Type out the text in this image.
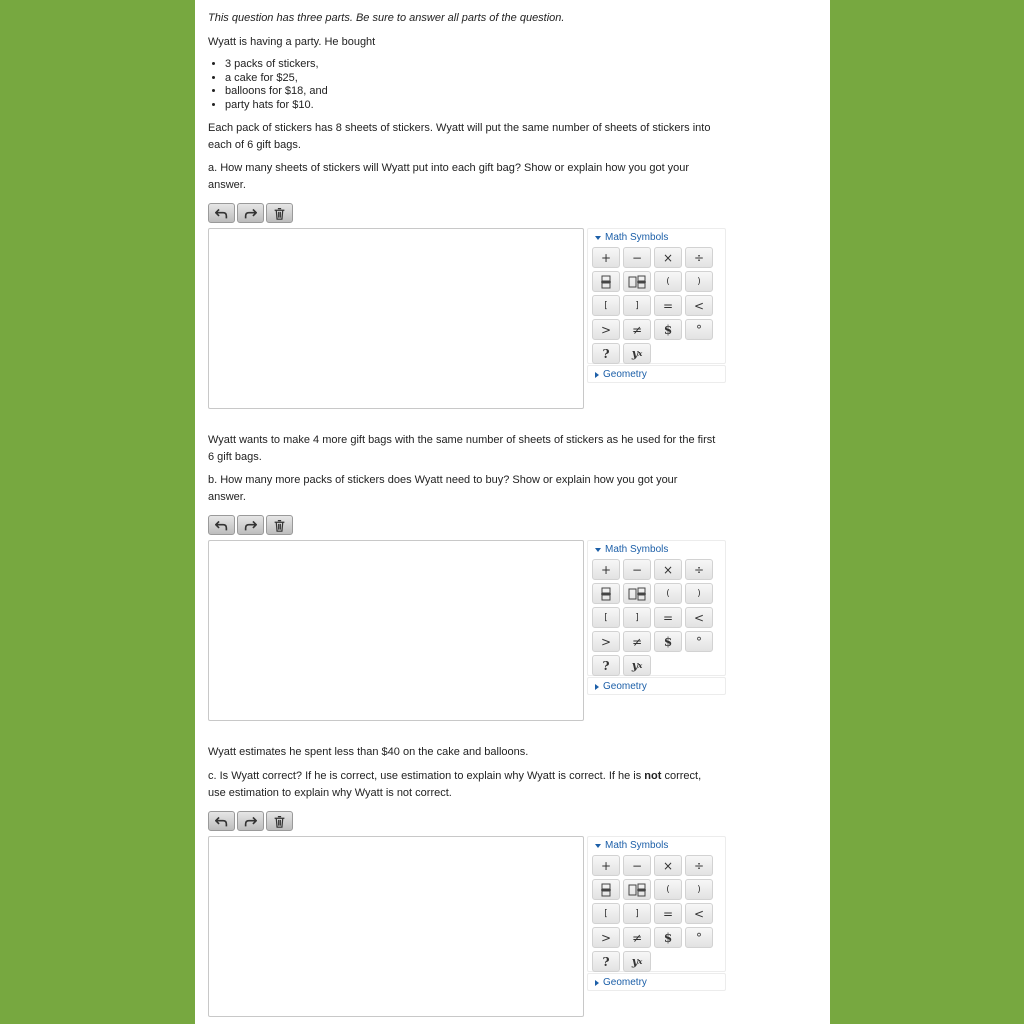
This question has three parts. Be sure to answer all parts of the question.
Wyatt is having a party. He bought
• 3 packs of stickers,
• a cake for $25,
• balloons for $18, and
• party hats for $10.
Each pack of stickers has 8 sheets of stickers. Wyatt will put the same number of sheets of stickers into
each of 6 gift bags.
a. How many sheets of stickers will Wyatt put into each gift bag? Show or explain how you got your
answer.
Math Symbols
+	−	×	÷
(	)
[	]	=	<
>	≠	$	°
?	y x
Geometry
Wyatt wants to make 4 more gift bags with the same number of sheets of stickers as he used for the first
6 gift bags.
b. How many more packs of stickers does Wyatt need to buy? Show or explain how you got your
answer.
Math Symbols
+	−	×	÷
(	)
[	]	=	<
>	≠	$	°
?	y x
Geometry
Wyatt estimates he spent less than $40 on the cake and balloons.
c. Is Wyatt correct? If he is correct, use estimation to explain why Wyatt is correct. If he is not correct,
use estimation to explain why Wyatt is not correct.
Math Symbols
+	−	×	÷
(	)
[	]	=	<
>	≠	$	°
?	y x
Geometry
